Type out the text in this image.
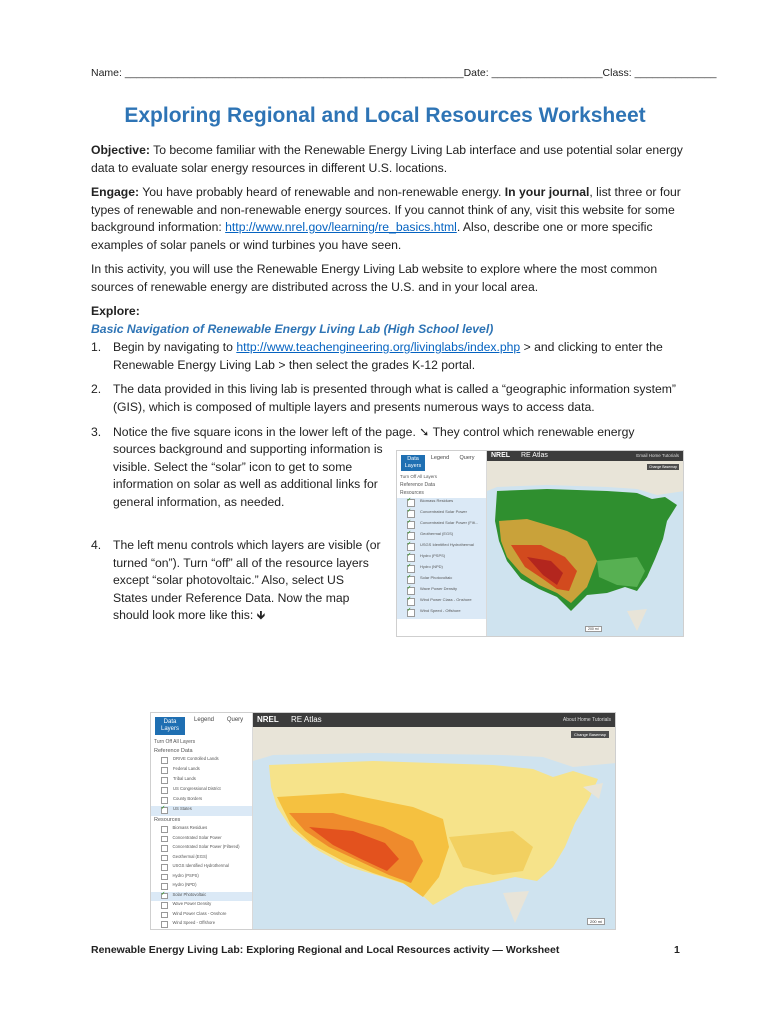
Name: __________________________________________________________Date: ___________________Class: ______________
Exploring Regional and Local Resources Worksheet
Objective: To become familiar with the Renewable Energy Living Lab interface and use potential solar energy data to evaluate solar energy resources in different U.S. locations.
Engage: You have probably heard of renewable and non-renewable energy. In your journal, list three or four types of renewable and non-renewable energy sources. If you cannot think of any, visit this website for some background information: http://www.nrel.gov/learning/re_basics.html. Also, describe one or more specific examples of solar panels or wind turbines you have seen.
In this activity, you will use the Renewable Energy Living Lab website to explore where the most common sources of renewable energy are distributed across the U.S. and in your local area.
Explore:
Basic Navigation of Renewable Energy Living Lab (High School level)
1. Begin by navigating to http://www.teachengineering.org/livinglabs/index.php > and clicking to enter the Renewable Energy Living Lab > then select the grades K-12 portal.
2. The data provided in this living lab is presented through what is called a “geographic information system” (GIS), which is composed of multiple layers and presents numerous ways to access data.
3. Notice the five square icons in the lower left of the page. ➘ They control which renewable energy
sources background and supporting information is visible. Select the “solar” icon to get to some information on solar as well as additional links for general information, as needed.
4. The left menu controls which layers are visible (or turned “on”). Turn “off” all of the resource layers except “solar photovoltaic.” Also, select US States under Reference Data. Now the map should look more like this: 🡻
Data Layers
Legend	Query
Turn Off All Layers
Reference Data
Resources
✓ Biomass Residues
✓ Concentrated Solar Power
✓ Concentrated Solar Power (Filt...
✓ Geothermal (EGS)
✓ USGS Identified Hydrothermal
✓ Hydro (PSPS)
✓ Hydro (NPD)
✓ Solar Photovoltaic
✓ Wave Power Density
✓ Wind Power Class - Onshore
✓ Wind Speed - Offshore
NREL RE Atlas	Email Home Tutorials
Change Basemap
200 mi
Data Layers
Legend	Query
Turn Off All Layers
Reference Data
DRIVE Controlled Lands
Federal Lands
Tribal Lands
US Congressional District
County Borders
✓ US States
Resources
Biomass Residues
Concentrated Solar Power
Concentrated Solar Power (Filtered)
Geothermal (EGS)
USGS Identified Hydrothermal
Hydro (PSPS)
Hydro (NPD)
✓ Solar Photovoltaic
Wave Power Density
Wind Power Class - Onshore
Wind Speed - Offshore
NREL RE Atlas	About Home Tutorials
Change Basemap
200 mi
Renewable Energy Living Lab: Exploring Regional and Local Resources activity — Worksheet	1
